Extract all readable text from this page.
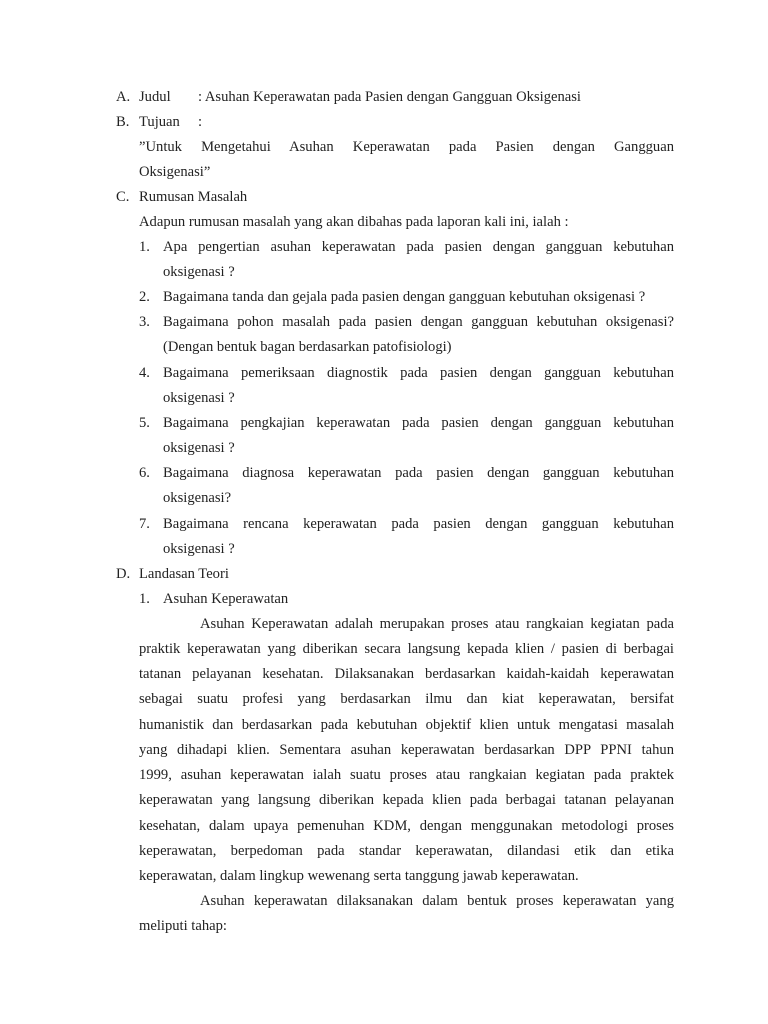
A. Judul : Asuhan Keperawatan pada Pasien dengan Gangguan Oksigenasi
B. Tujuan :
”Untuk Mengetahui Asuhan Keperawatan pada Pasien dengan Gangguan
Oksigenasi”
C. Rumusan Masalah
Adapun rumusan masalah yang akan dibahas pada laporan kali ini, ialah :
1. Apa pengertian asuhan keperawatan pada pasien dengan gangguan kebutuhan
oksigenasi ?
2. Bagaimana tanda dan gejala pada pasien dengan gangguan kebutuhan oksigenasi ?
3. Bagaimana pohon masalah pada pasien dengan gangguan kebutuhan oksigenasi?
(Dengan bentuk bagan berdasarkan patofisiologi)
4. Bagaimana pemeriksaan diagnostik pada pasien dengan gangguan kebutuhan
oksigenasi ?
5. Bagaimana pengkajian keperawatan pada pasien dengan gangguan kebutuhan
oksigenasi ?
6. Bagaimana diagnosa keperawatan pada pasien dengan gangguan kebutuhan
oksigenasi?
7. Bagaimana rencana keperawatan pada pasien dengan gangguan kebutuhan
oksigenasi ?
D. Landasan Teori
1. Asuhan Keperawatan
Asuhan Keperawatan adalah merupakan proses atau rangkaian kegiatan pada
praktik keperawatan yang diberikan secara langsung kepada klien / pasien di berbagai
tatanan pelayanan kesehatan. Dilaksanakan berdasarkan kaidah-kaidah keperawatan
sebagai suatu profesi yang berdasarkan ilmu dan kiat keperawatan, bersifat
humanistik dan berdasarkan pada kebutuhan objektif klien untuk mengatasi masalah
yang dihadapi klien. Sementara asuhan keperawatan berdasarkan DPP PPNI tahun
1999, asuhan keperawatan ialah suatu proses atau rangkaian kegiatan pada praktek
keperawatan yang langsung diberikan kepada klien pada berbagai tatanan pelayanan
kesehatan, dalam upaya pemenuhan KDM, dengan menggunakan metodologi proses
keperawatan, berpedoman pada standar keperawatan, dilandasi etik dan etika
keperawatan, dalam lingkup wewenang serta tanggung jawab keperawatan.
Asuhan keperawatan dilaksanakan dalam bentuk proses keperawatan yang
meliputi tahap:
